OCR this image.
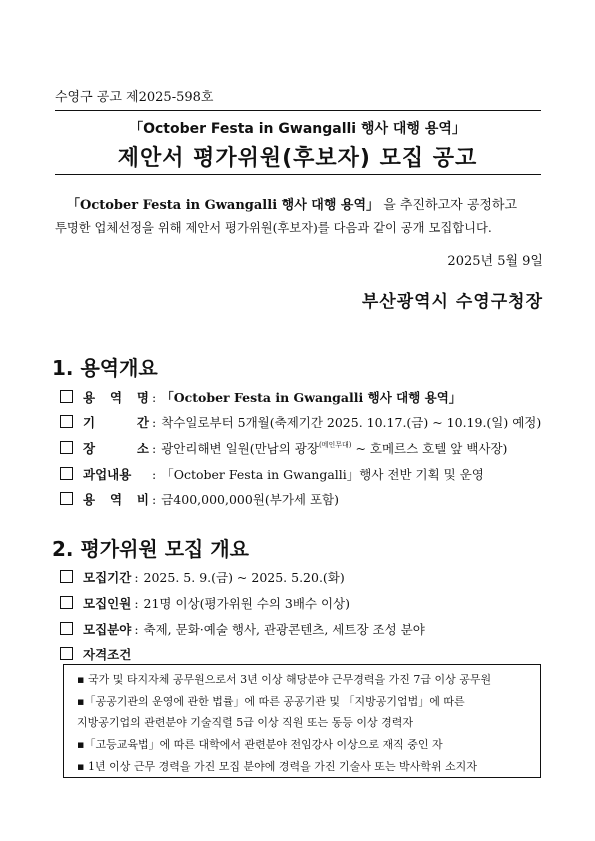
수영구 공고 제2025-598호
「October Festa in Gwangalli 행사 대행 용역」
제안서 평가위원(후보자) 모집 공고
「October Festa in Gwangalli 행사 대행 용역」 을 추진하고자 공정하고
투명한 업체선정을 위해 제안서 평가위원(후보자)를 다음과 같이 공개 모집합니다.
2025년 5월 9일
부산광역시 수영구청장
1. 용역개요
용 역 명 : 「October Festa in Gwangalli 행사 대행 용역」
기	간 : 착수일로부터 5개월(축제기간 2025. 10.17.(금) ~ 10.19.(일) 예정)
장	소 : 광안리해변 일원(만남의 광장$^{(메인무대)}$ ~ 호메르스 호텔 앞 백사장)
과업내용	: 「October Festa in Gwangalli」행사 전반 기획 및 운영
용 역 비 : 금400,000,000원(부가세 포함)
2. 평가위원 모집 개요
모집기간 : 2025. 5. 9.(금) ~ 2025. 5.20.(화)
모집인원 : 21명 이상(평가위원 수의 3배수 이상)
모집분야 : 축제, 문화·예술 행사, 관광콘텐츠, 세트장 조성 분야
자격조건
▪ 국가 및 타지자체 공무원으로서 3년 이상 해당분야 근무경력을 가진 7급 이상 공무원
▪「공공기관의 운영에 관한 법률」에 따른 공공기관 및 「지방공기업법」에 따른
지방공기업의 관련분야 기술직렬 5급 이상 직원 또는 동등 이상 경력자
▪「고등교육법」에 따른 대학에서 관련분야 전임강사 이상으로 재직 중인 자
▪ 1년 이상 근무 경력을 가진 모집 분야에 경력을 가진 기술사 또는 박사학위 소지자
